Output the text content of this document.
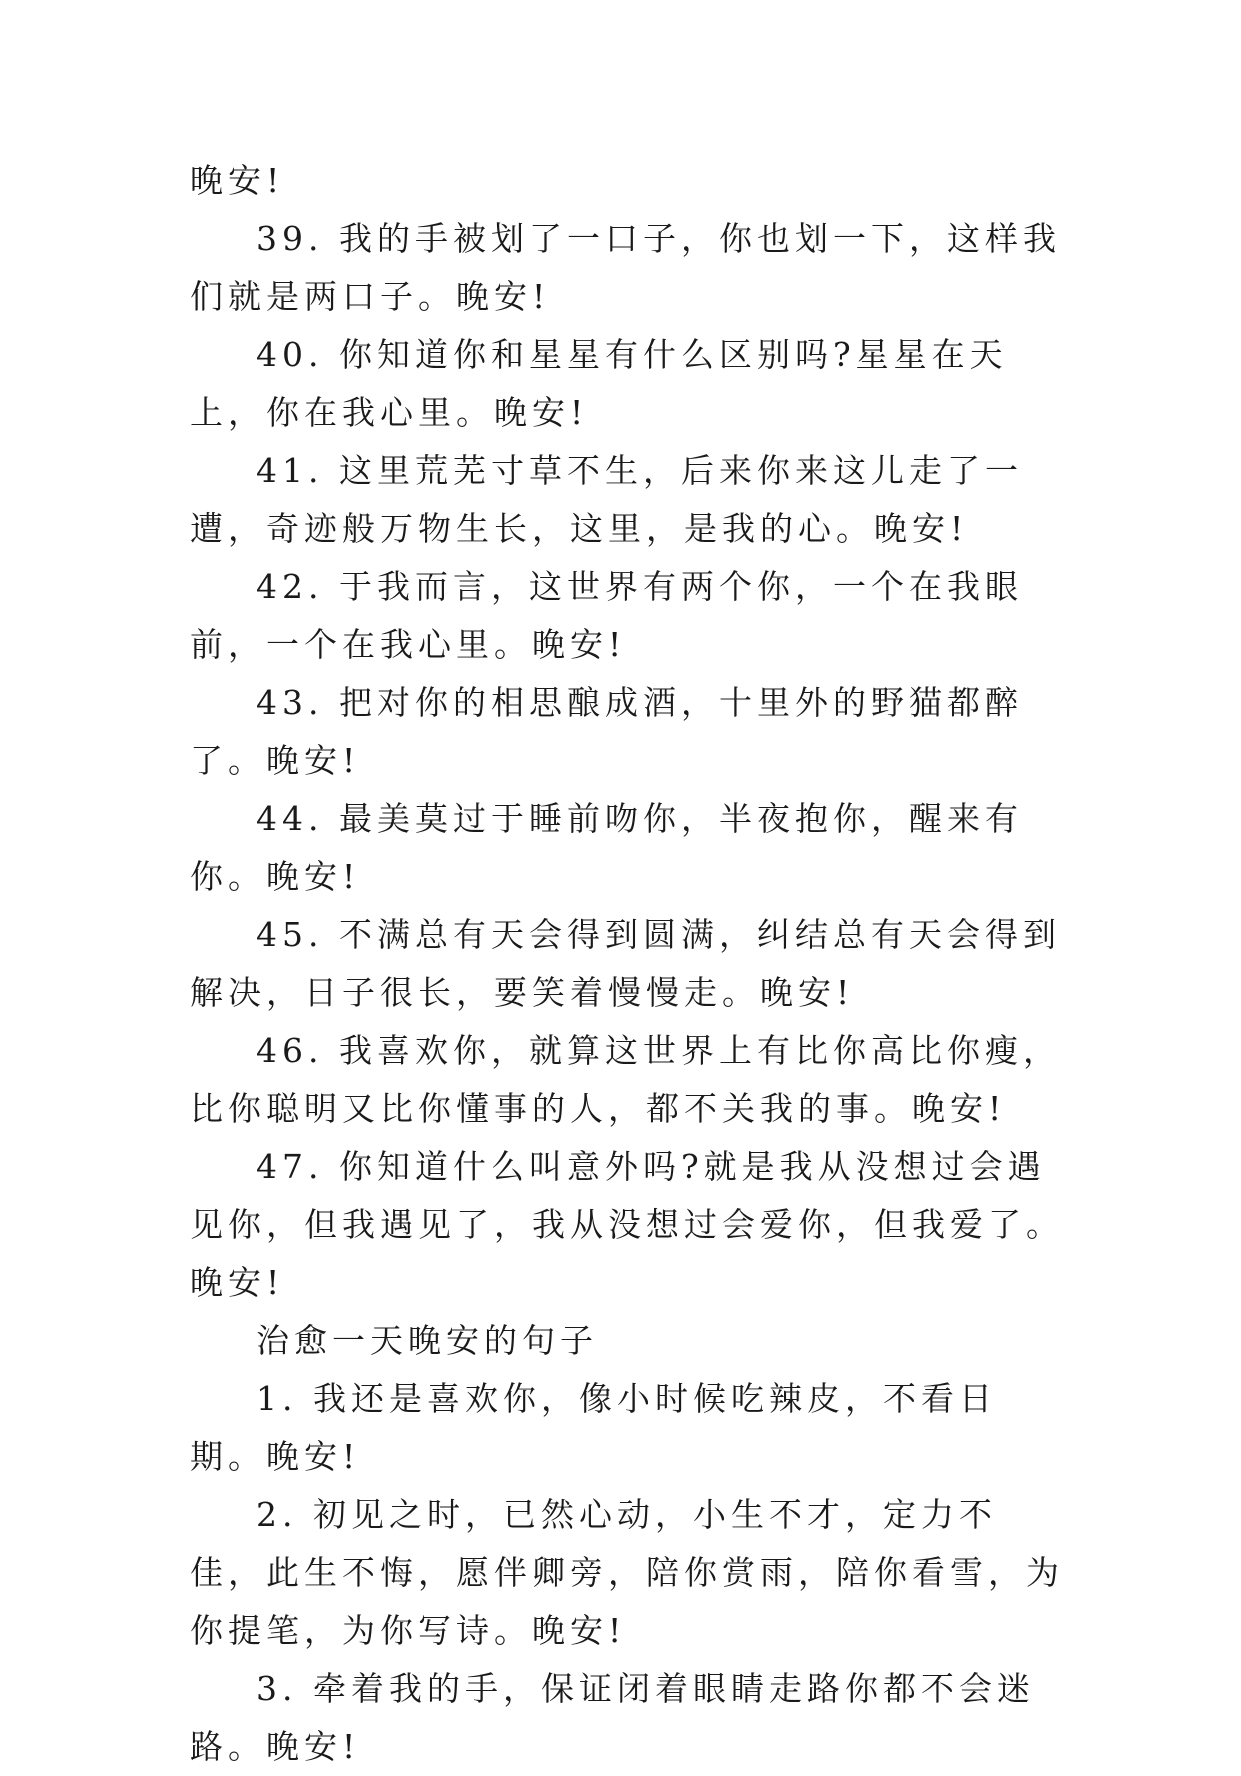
晚安!

39. 我的手被划了一口子，你也划一下，这样我们就是两口子。晚安!

40. 你知道你和星星有什么区别吗?星星在天上，你在我心里。晚安!

41. 这里荒芜寸草不生，后来你来这儿走了一遭，奇迹般万物生长，这里，是我的心。晚安!

42. 于我而言，这世界有两个你，一个在我眼前，一个在我心里。晚安!

43. 把对你的相思酿成酒，十里外的野猫都醉了。晚安!

44. 最美莫过于睡前吻你，半夜抱你，醒来有你。晚安!

45. 不满总有天会得到圆满，纠结总有天会得到解决，日子很长，要笑着慢慢走。晚安!

46. 我喜欢你，就算这世界上有比你高比你瘦，比你聪明又比你懂事的人，都不关我的事。晚安!

47. 你知道什么叫意外吗?就是我从没想过会遇见你，但我遇见了，我从没想过会爱你，但我爱了。晚安!

治愈一天晚安的句子

1. 我还是喜欢你，像小时候吃辣皮，不看日期。晚安!

2. 初见之时，已然心动，小生不才，定力不佳，此生不悔，愿伴卿旁，陪你赏雨，陪你看雪，为你提笔，为你写诗。晚安!

3. 牵着我的手，保证闭着眼睛走路你都不会迷路。晚安!
